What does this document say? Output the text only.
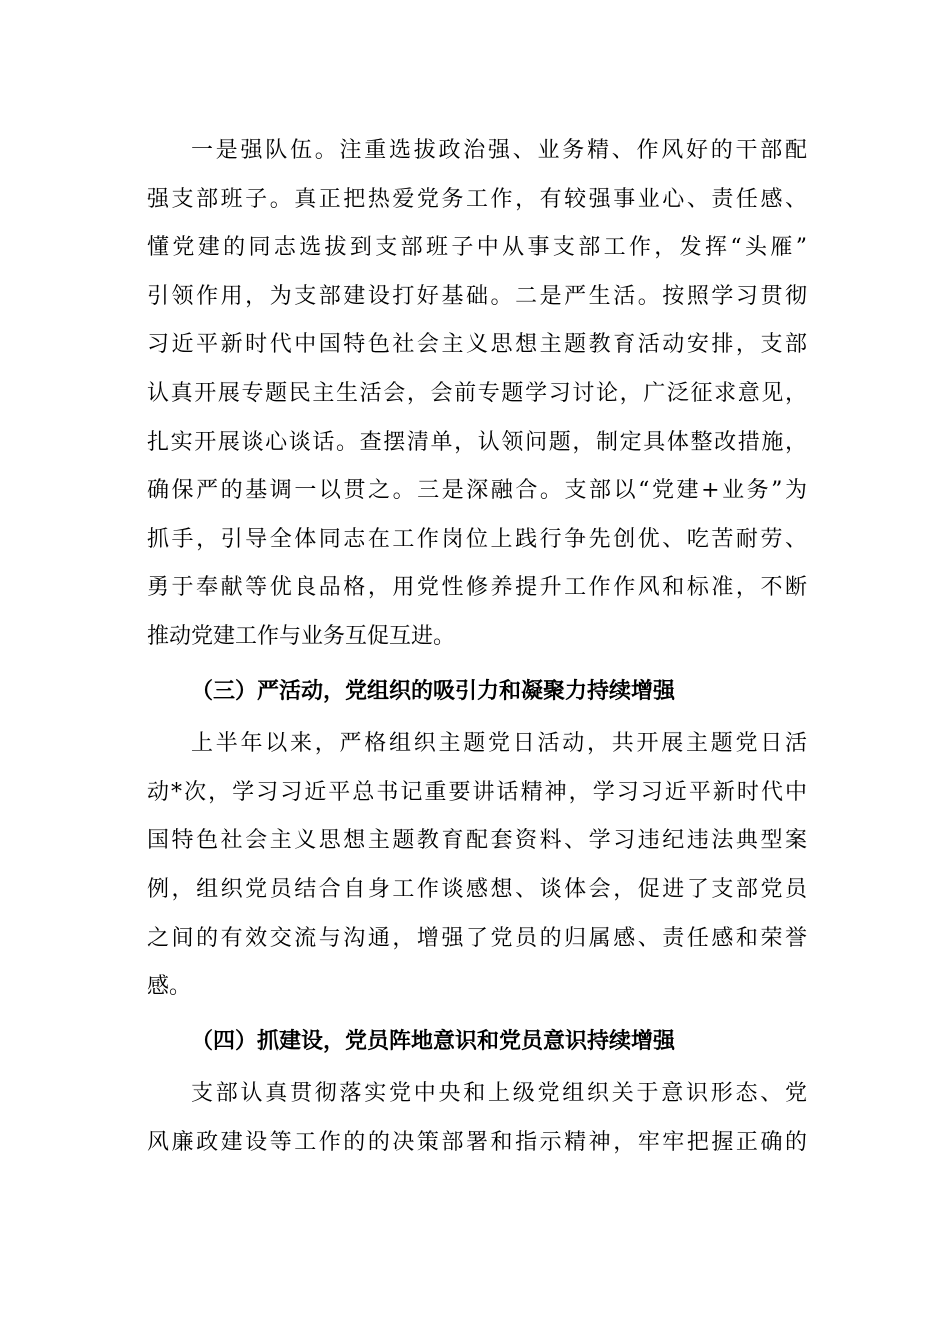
一是强队伍。注重选拔政治强、业务精、作风好的干部配
强支部班子。真正把热爱党务工作，有较强事业心、责任感、
懂党建的同志选拔到支部班子中从事支部工作，发挥“头雁”
引领作用，为支部建设打好基础。二是严生活。按照学习贯彻
习近平新时代中国特色社会主义思想主题教育活动安排，支部
认真开展专题民主生活会，会前专题学习讨论，广泛征求意见，
扎实开展谈心谈话。查摆清单，认领问题，制定具体整改措施，
确保严的基调一以贯之。三是深融合。支部以“党建+业务”为
抓手，引导全体同志在工作岗位上践行争先创优、吃苦耐劳、
勇于奉献等优良品格，用党性修养提升工作作风和标准，不断
推动党建工作与业务互促互进。
（三）严活动，党组织的吸引力和凝聚力持续增强
上半年以来，严格组织主题党日活动，共开展主题党日活
动*次，学习习近平总书记重要讲话精神，学习习近平新时代中
国特色社会主义思想主题教育配套资料、学习违纪违法典型案
例，组织党员结合自身工作谈感想、谈体会，促进了支部党员
之间的有效交流与沟通，增强了党员的归属感、责任感和荣誉
感。
（四）抓建设，党员阵地意识和党员意识持续增强
支部认真贯彻落实党中央和上级党组织关于意识形态、党
风廉政建设等工作的的决策部署和指示精神，牢牢把握正确的
